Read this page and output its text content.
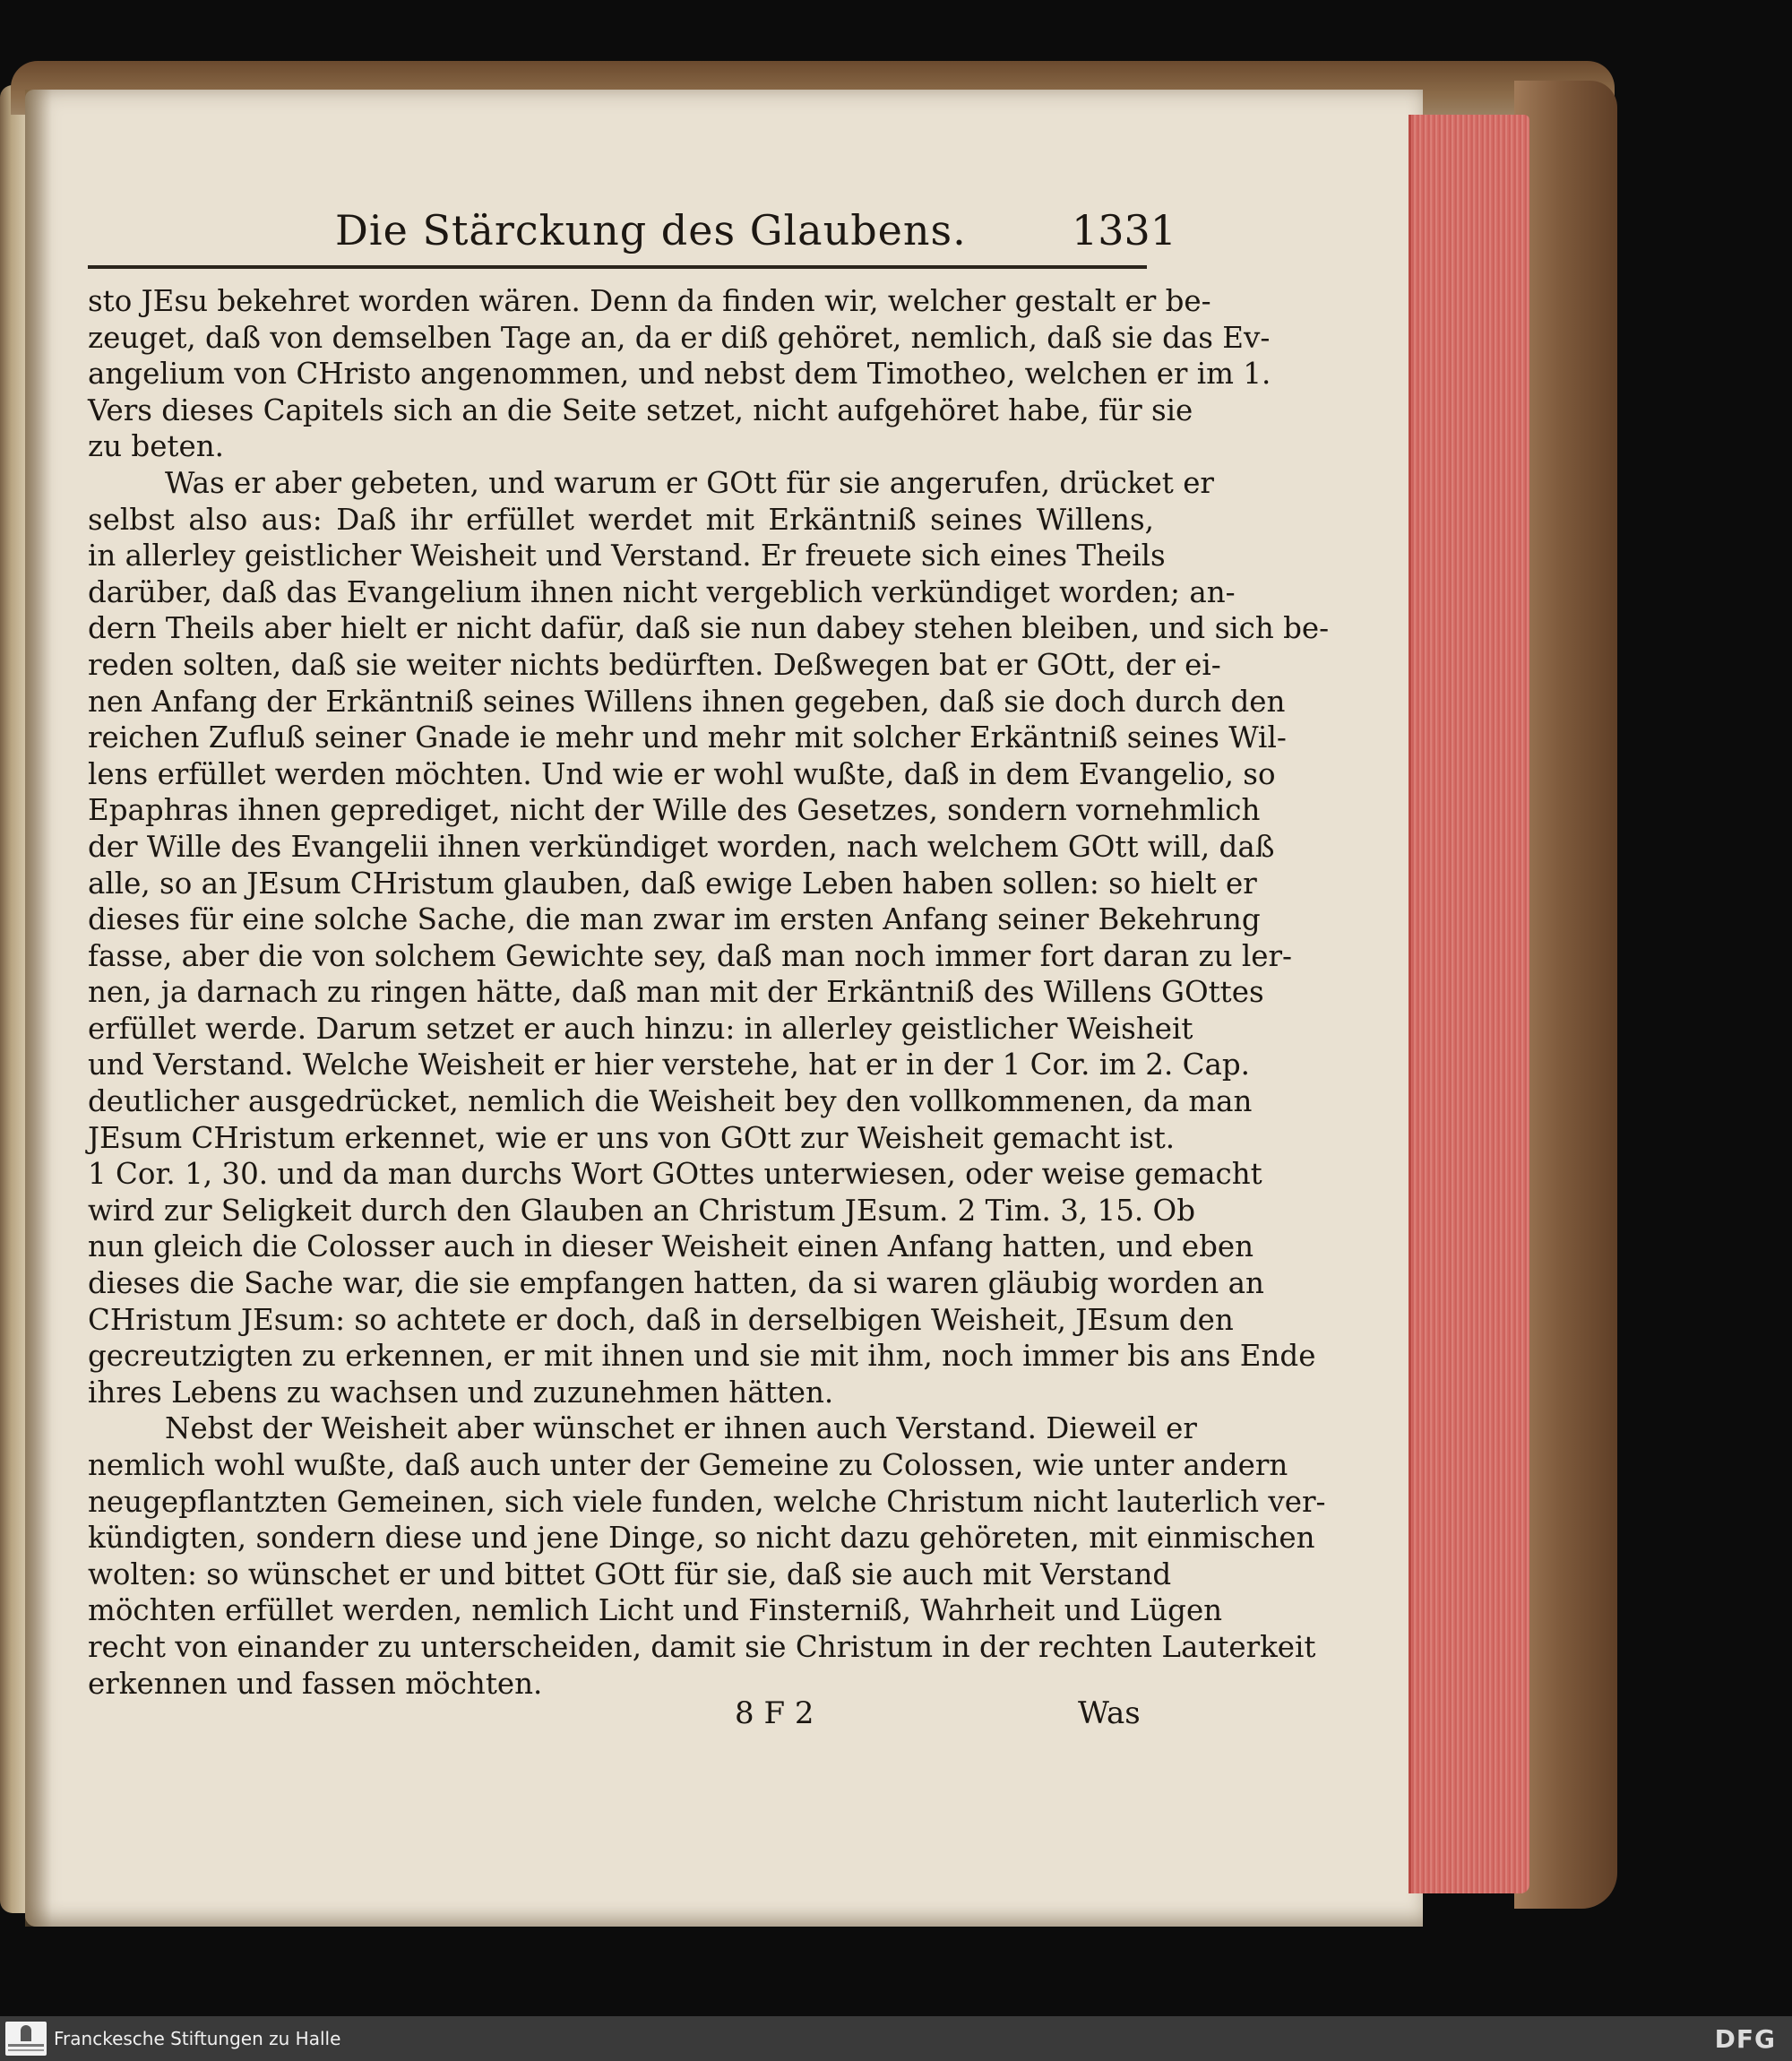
Die Stärckung des Glaubens.	1331
sto JEsu bekehret worden wären. Denn da finden wir, welcher gestalt er be-
zeuget, daß von demselben Tage an, da er diß gehöret, nemlich, daß sie das Ev-
angelium von CHristo angenommen, und nebst dem Timotheo, welchen er im 1.
Vers dieses Capitels sich an die Seite setzet, nicht aufgehöret habe, für sie
zu beten.
Was er aber gebeten, und warum er GOtt für sie angerufen, drücket er
selbst also aus: Daß ihr erfüllet werdet mit Erkäntniß seines Willens,
in allerley geistlicher Weisheit und Verstand. Er freuete sich eines Theils
darüber, daß das Evangelium ihnen nicht vergeblich verkündiget worden; an-
dern Theils aber hielt er nicht dafür, daß sie nun dabey stehen bleiben, und sich be-
reden solten, daß sie weiter nichts bedürften. Deßwegen bat er GOtt, der ei-
nen Anfang der Erkäntniß seines Willens ihnen gegeben, daß sie doch durch den
reichen Zufluß seiner Gnade ie mehr und mehr mit solcher Erkäntniß seines Wil-
lens erfüllet werden möchten. Und wie er wohl wußte, daß in dem Evangelio, so
Epaphras ihnen geprediget, nicht der Wille des Gesetzes, sondern vornehmlich
der Wille des Evangelii ihnen verkündiget worden, nach welchem GOtt will, daß
alle, so an JEsum CHristum glauben, daß ewige Leben haben sollen: so hielt er
dieses für eine solche Sache, die man zwar im ersten Anfang seiner Bekehrung
fasse, aber die von solchem Gewichte sey, daß man noch immer fort daran zu ler-
nen, ja darnach zu ringen hätte, daß man mit der Erkäntniß des Willens GOttes
erfüllet werde. Darum setzet er auch hinzu: in allerley geistlicher Weisheit
und Verstand. Welche Weisheit er hier verstehe, hat er in der 1 Cor. im 2. Cap.
deutlicher ausgedrücket, nemlich die Weisheit bey den vollkommenen, da man
JEsum CHristum erkennet, wie er uns von GOtt zur Weisheit gemacht ist.
1 Cor. 1, 30. und da man durchs Wort GOttes unterwiesen, oder weise gemacht
wird zur Seligkeit durch den Glauben an Christum JEsum. 2 Tim. 3, 15. Ob
nun gleich die Colosser auch in dieser Weisheit einen Anfang hatten, und eben
dieses die Sache war, die sie empfangen hatten, da si waren gläubig worden an
CHristum JEsum: so achtete er doch, daß in derselbigen Weisheit, JEsum den
gecreutzigten zu erkennen, er mit ihnen und sie mit ihm, noch immer bis ans Ende
ihres Lebens zu wachsen und zuzunehmen hätten.
Nebst der Weisheit aber wünschet er ihnen auch Verstand. Dieweil er
nemlich wohl wußte, daß auch unter der Gemeine zu Colossen, wie unter andern
neugepflantzten Gemeinen, sich viele funden, welche Christum nicht lauterlich ver-
kündigten, sondern diese und jene Dinge, so nicht dazu gehöreten, mit einmischen
wolten: so wünschet er und bittet GOtt für sie, daß sie auch mit Verstand
möchten erfüllet werden, nemlich Licht und Finsterniß, Wahrheit und Lügen
recht von einander zu unterscheiden, damit sie Christum in der rechten Lauterkeit
erkennen und fassen möchten.
8 F 2	Was
Franckesche Stiftungen zu Halle	DFG
